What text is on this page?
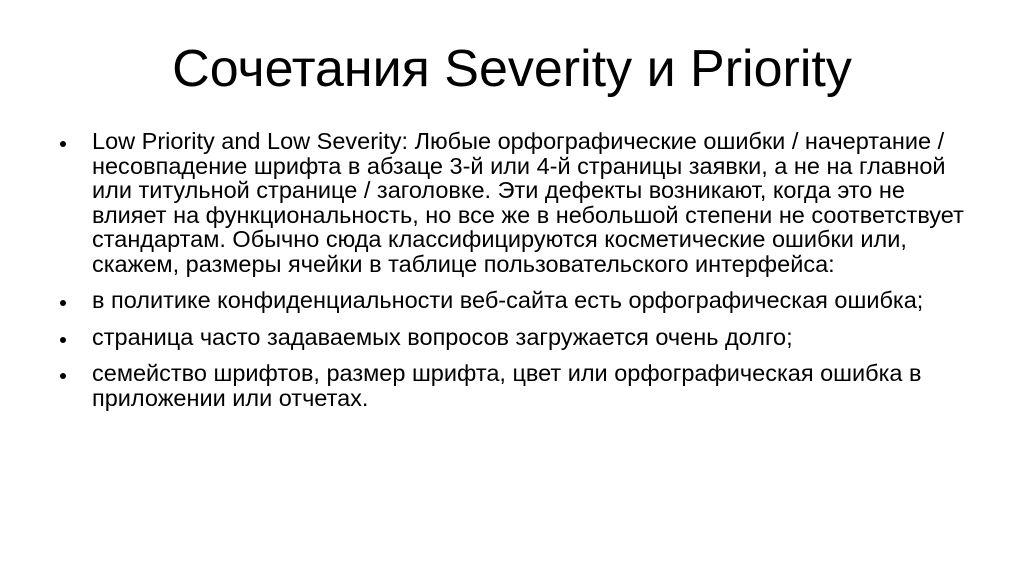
Сочетания Severity и Priority
Low Priority and Low Severity: Любые орфографические ошибки / начертание / несовпадение шрифта в абзаце 3-й или 4-й страницы заявки, а не на главной или титульной странице / заголовке. Эти дефекты возникают, когда это не влияет на функциональность, но все же в небольшой степени не соответствует стандартам. Обычно сюда классифицируются косметические ошибки или, скажем, размеры ячейки в таблице пользовательского интерфейса:
в политике конфиденциальности веб-сайта есть орфографическая ошибка;
страница часто задаваемых вопросов загружается очень долго;
семейство шрифтов, размер шрифта, цвет или орфографическая ошибка в приложении или отчетах.
